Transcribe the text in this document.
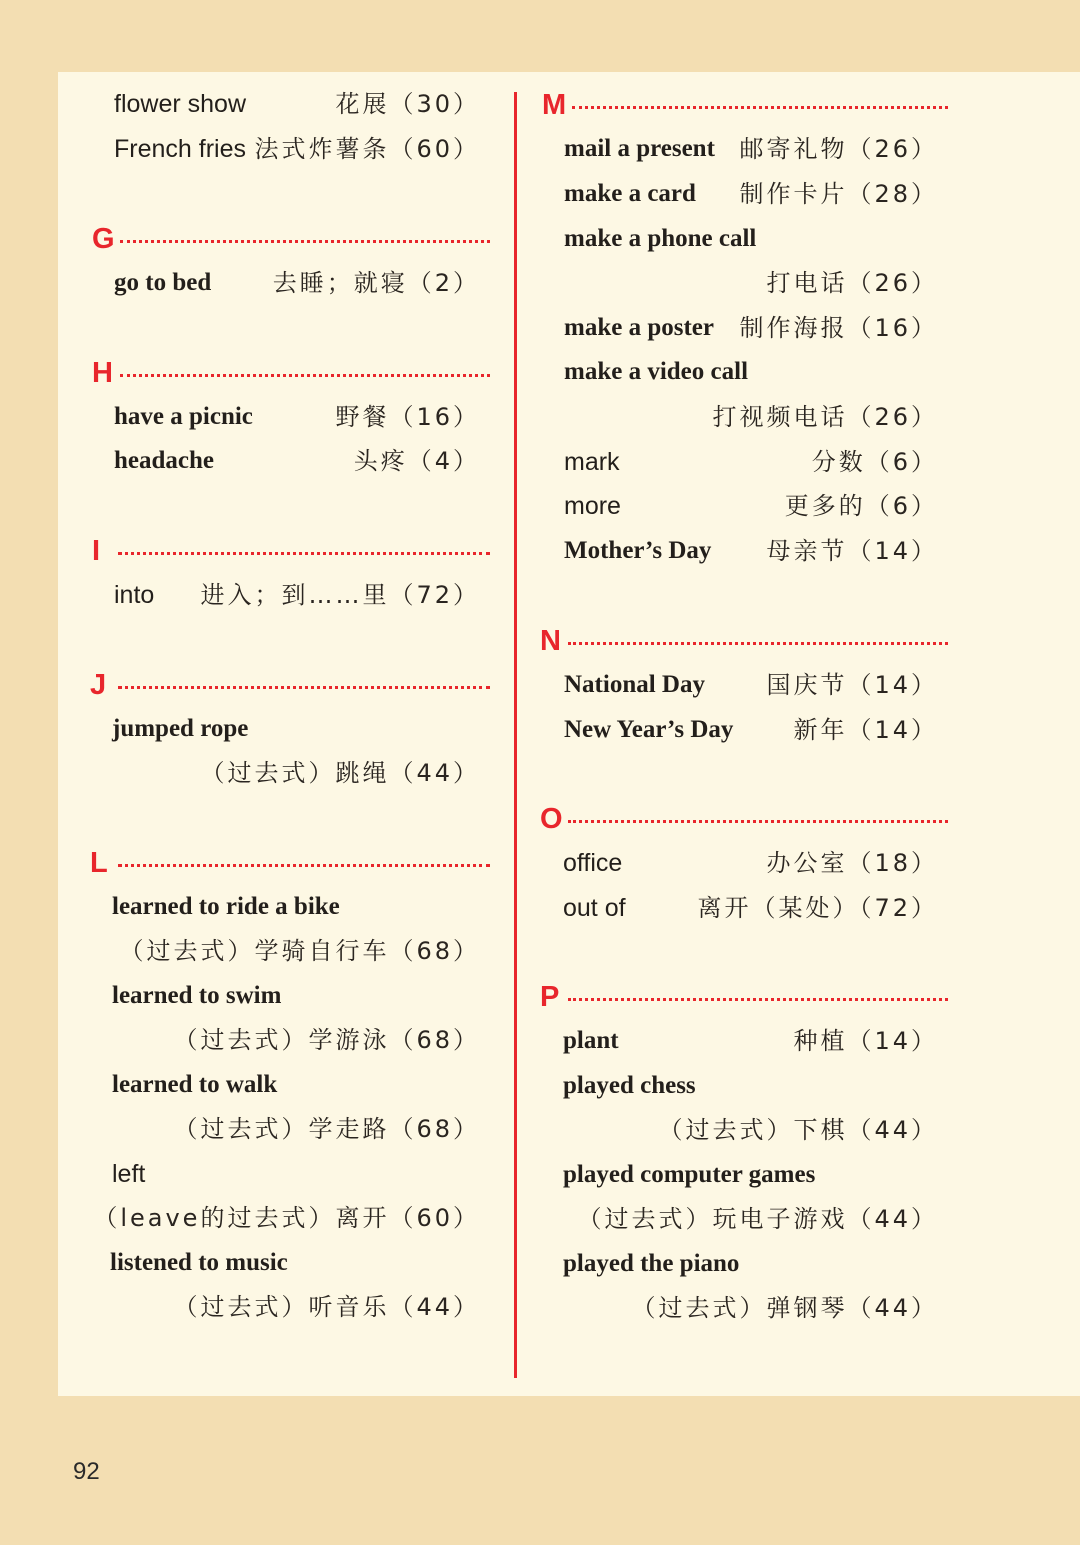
flower show	花展（30）
French fries 法式炸薯条（60）
G
go to bed	去睡；就寝（2）
H
have a picnic	野餐（16）
headache	头疼（4）
I
into 进入；到……里（72）
J
jumped rope
（过去式）跳绳（44）
L
learned to ride a bike
（过去式）学骑自行车（68）
learned to swim
（过去式）学游泳（68）
learned to walk
（过去式）学走路（68）
left
（leave的过去式）离开（60）
listened to music
（过去式）听音乐（44）
M
mail a present 邮寄礼物（26）
make a card 制作卡片（28）
make a phone call
打电话（26）
make a poster 制作海报（16）
make a video call
打视频电话（26）
mark	分数（6）
more	更多的（6）
Mother’s Day 母亲节（14）
N
National Day	国庆节（14）
New Year’s Day	新年（14）
O
office	办公室（18）
out of	离开（某处）（72）
P
plant	种植（14）
played chess
（过去式）下棋（44）
played computer games
（过去式）玩电子游戏（44）
played the piano
（过去式）弹钢琴（44）
92
